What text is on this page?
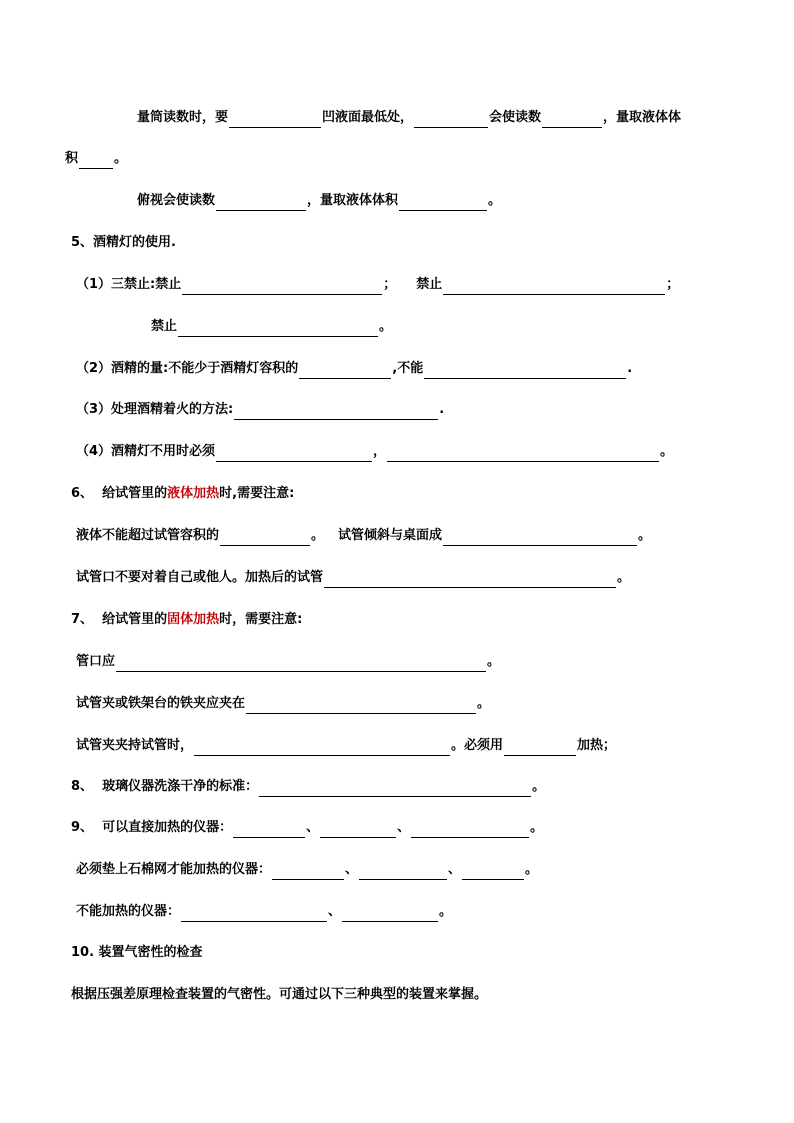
量筒读数时，要	凹液面最低处，	会使读数	，量取液体体
积	。
俯视会使读数	，量取液体体积	。
5、酒精灯的使用.
（1）三禁止:禁止	； 禁止	；
禁止	。
（2）酒精的量:不能少于酒精灯容积的	,不能	.
（3）处理酒精着火的方法:	.
（4）酒精灯不用时必须	，	。
6、  给试管里的液体加热时,需要注意:
液体不能超过试管容积的	。 试管倾斜与桌面成	。
试管口不要对着自己或他人。加热后的试管	。
7、  给试管里的固体加热时，需要注意:
管口应	。
试管夹或铁架台的铁夹应夹在	。
试管夹夹持试管时，	。必须用	加热；
8、  玻璃仪器洗涤干净的标准：	。
9、  可以直接加热的仪器：	、	、	。
必须垫上石棉网才能加热的仪器：	、	、	。
不能加热的仪器：	、	。
10. 装置气密性的检查
根据压强差原理检查装置的气密性。可通过以下三种典型的装置来掌握。
